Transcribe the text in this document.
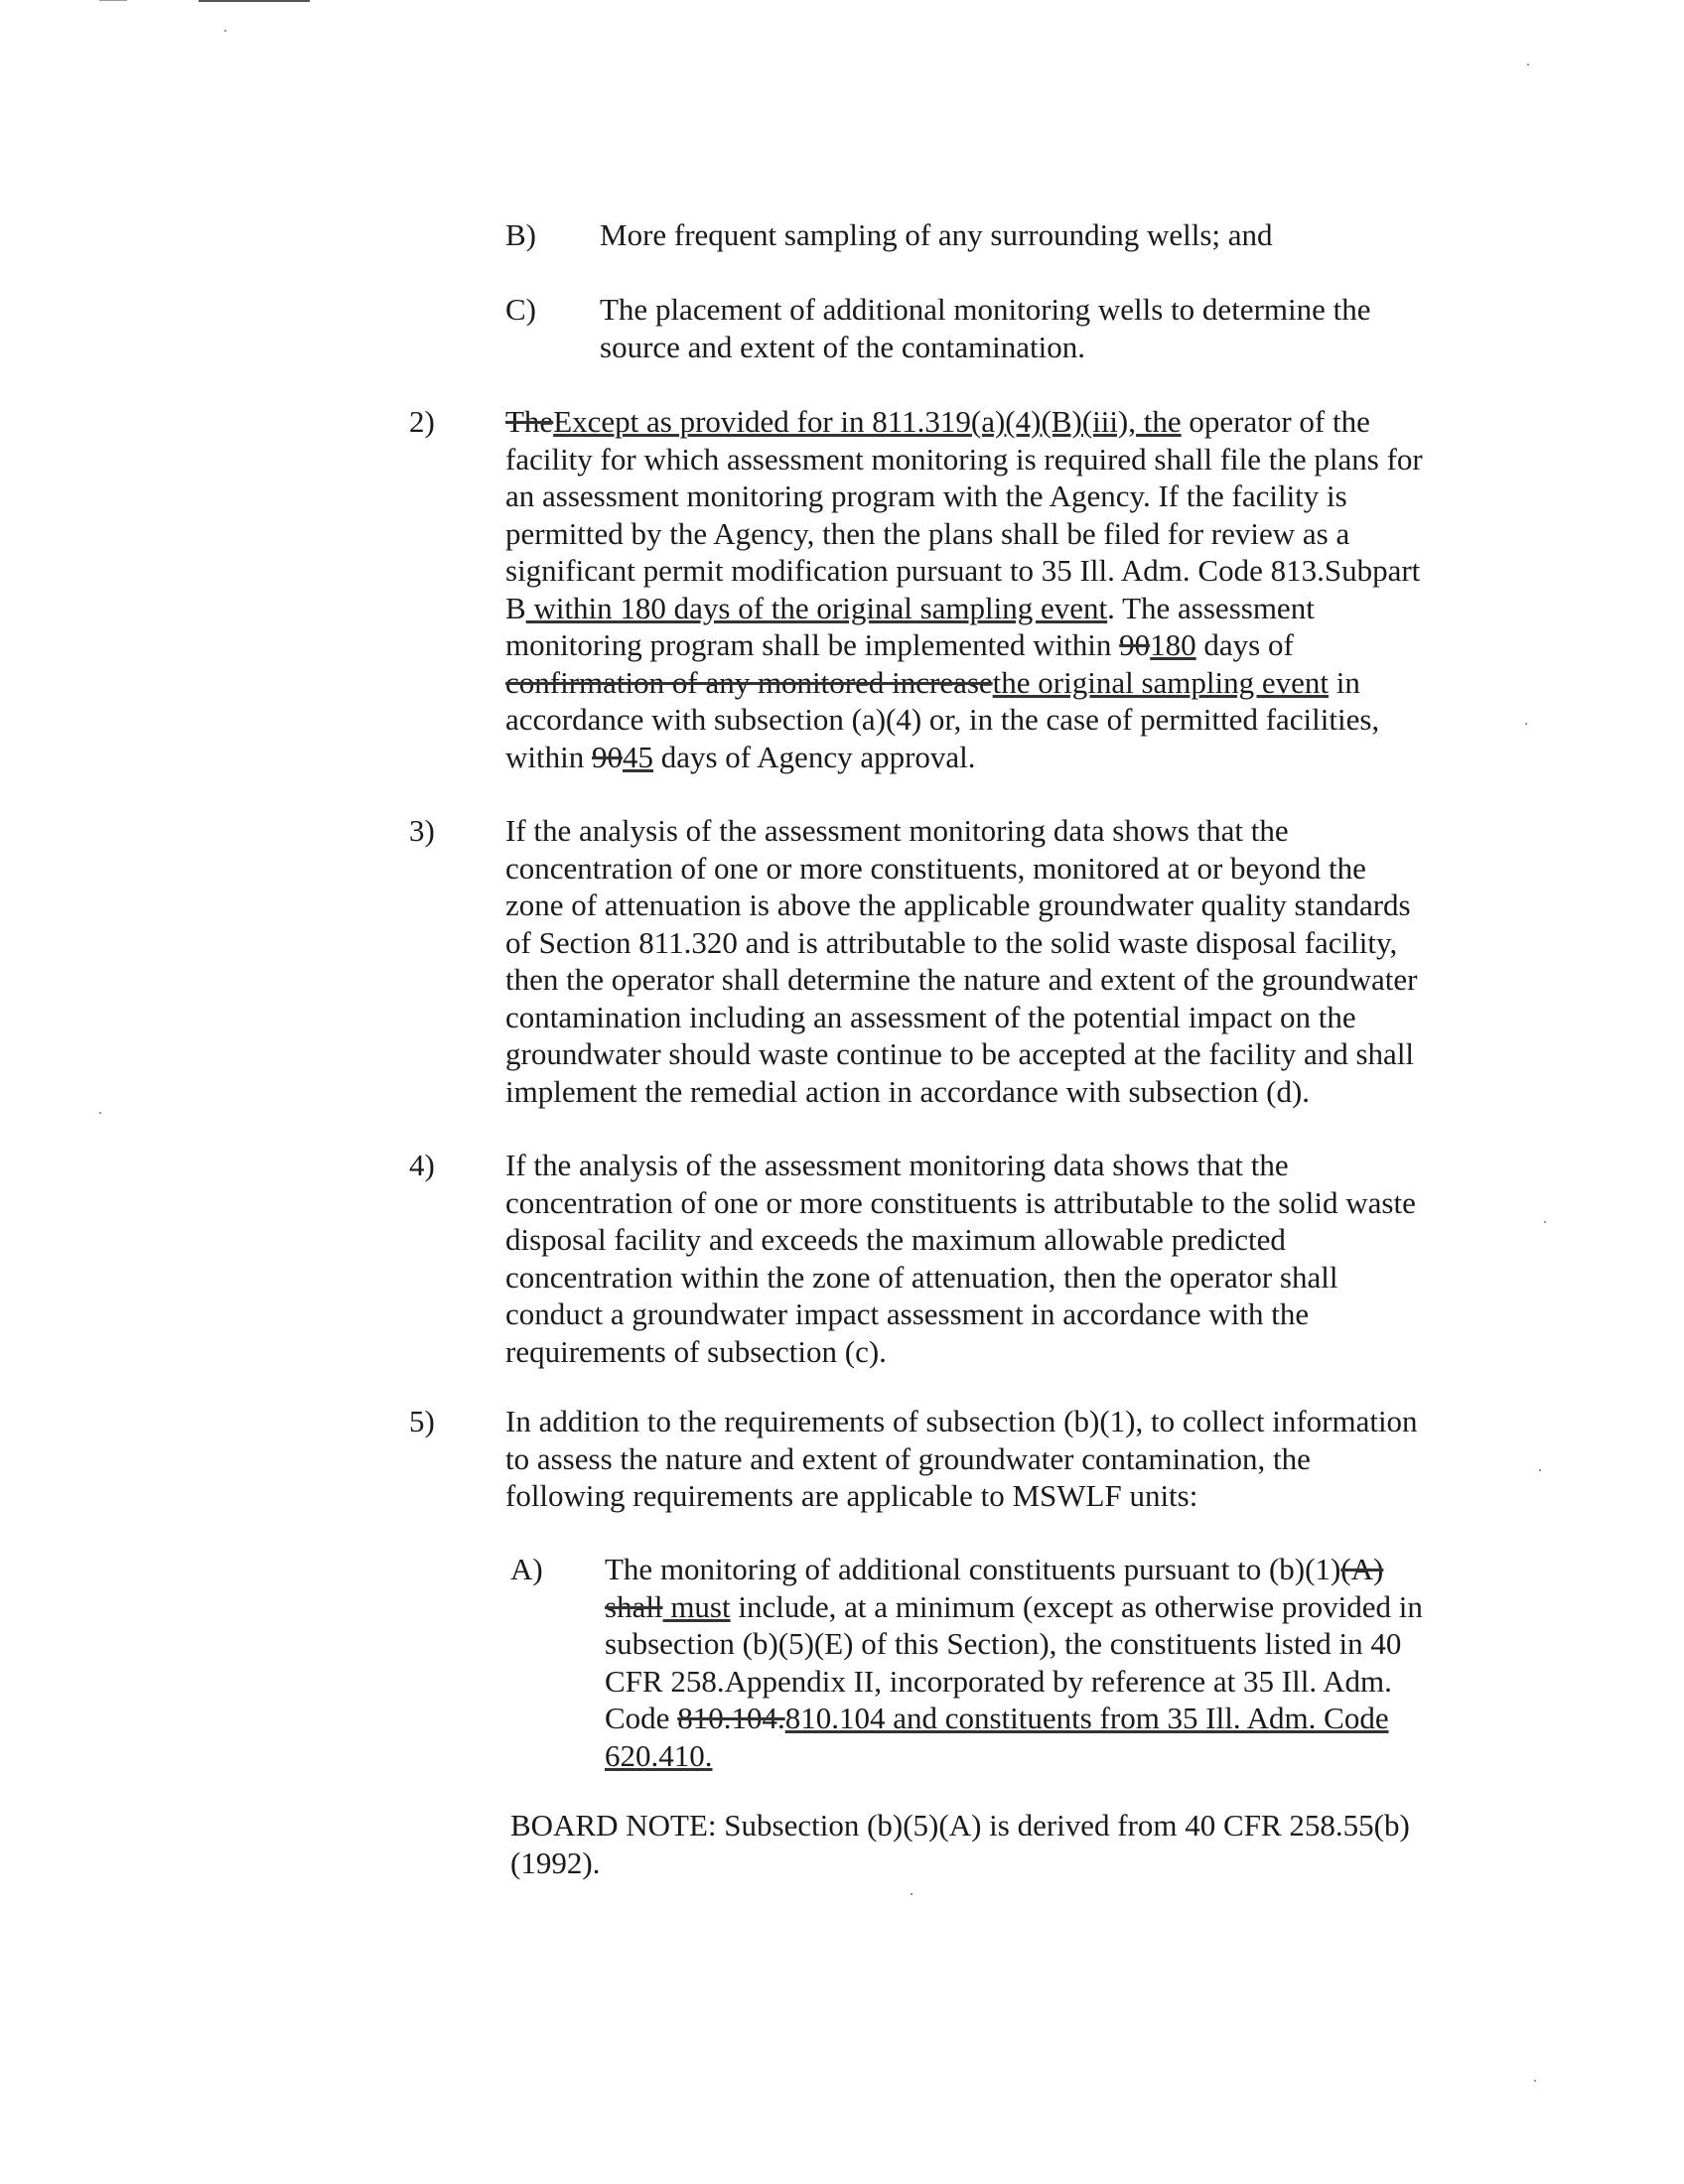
B) More frequent sampling of any surrounding wells; and
C) The placement of additional monitoring wells to determine the
source and extent of the contamination.
2) TheExcept as provided for in 811.319(a)(4)(B)(iii), the operator of the
facility for which assessment monitoring is required shall file the plans for
an assessment monitoring program with the Agency. If the facility is
permitted by the Agency, then the plans shall be filed for review as a
significant permit modification pursuant to 35 Ill. Adm. Code 813.Subpart
B within 180 days of the original sampling event. The assessment
monitoring program shall be implemented within 90180 days of
confirmation of any monitored increasethe original sampling event in
accordance with subsection (a)(4) or, in the case of permitted facilities,
within 9045 days of Agency approval.
3) If the analysis of the assessment monitoring data shows that the
concentration of one or more constituents, monitored at or beyond the
zone of attenuation is above the applicable groundwater quality standards
of Section 811.320 and is attributable to the solid waste disposal facility,
then the operator shall determine the nature and extent of the groundwater
contamination including an assessment of the potential impact on the
groundwater should waste continue to be accepted at the facility and shall
implement the remedial action in accordance with subsection (d).
4) If the analysis of the assessment monitoring data shows that the
concentration of one or more constituents is attributable to the solid waste
disposal facility and exceeds the maximum allowable predicted
concentration within the zone of attenuation, then the operator shall
conduct a groundwater impact assessment in accordance with the
requirements of subsection (c).
5) In addition to the requirements of subsection (b)(1), to collect information
to assess the nature and extent of groundwater contamination, the
following requirements are applicable to MSWLF units:
A) The monitoring of additional constituents pursuant to (b)(1)(A)
shall must include, at a minimum (except as otherwise provided in
subsection (b)(5)(E) of this Section), the constituents listed in 40
CFR 258.Appendix II, incorporated by reference at 35 Ill. Adm.
Code 810.104.810.104 and constituents from 35 Ill. Adm. Code
620.410.
BOARD NOTE: Subsection (b)(5)(A) is derived from 40 CFR 258.55(b)
(1992).
